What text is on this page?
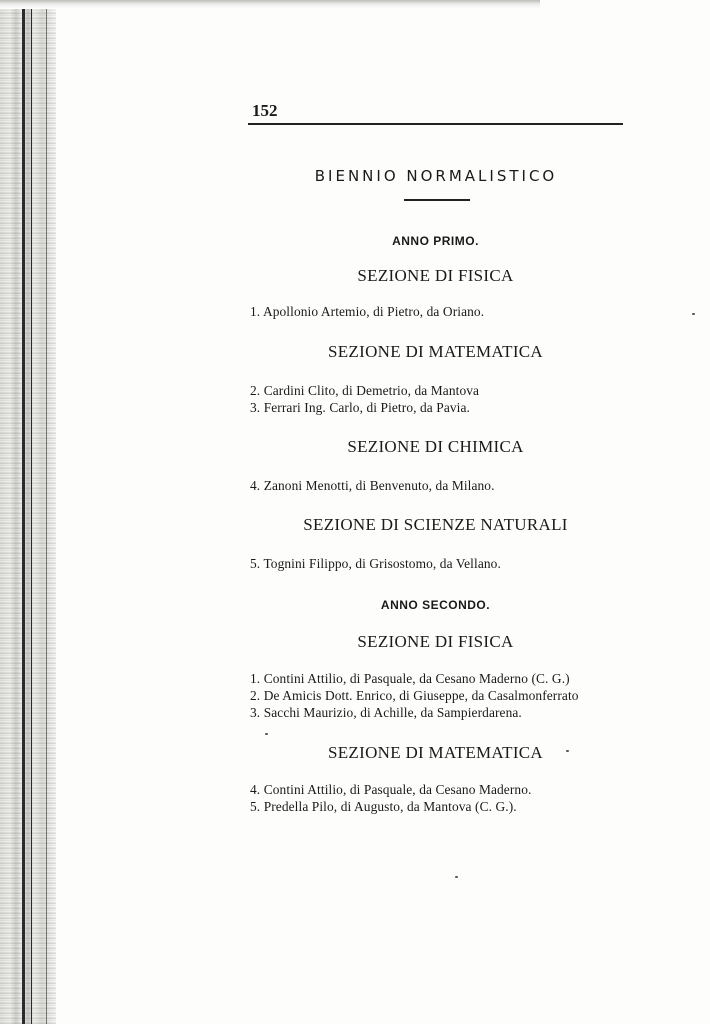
152
BIENNIO NORMALISTICO
ANNO PRIMO.
SEZIONE DI FISICA
1. Apollonio Artemio, di Pietro, da Oriano.
SEZIONE DI MATEMATICA
2. Cardini Clito, di Demetrio, da Mantova
3. Ferrari Ing. Carlo, di Pietro, da Pavia.
SEZIONE DI CHIMICA
4. Zanoni Menotti, di Benvenuto, da Milano.
SEZIONE DI SCIENZE NATURALI
5. Tognini Filippo, di Grisostomo, da Vellano.
ANNO SECONDO.
SEZIONE DI FISICA
1. Contini Attilio, di Pasquale, da Cesano Maderno (C. G.)
2. De Amicis Dott. Enrico, di Giuseppe, da Casalmonferrato
3. Sacchi Maurizio, di Achille, da Sampierdarena.
SEZIONE DI MATEMATICA
4. Contini Attilio, di Pasquale, da Cesano Maderno.
5. Predella Pilo, di Augusto, da Mantova (C. G.).
